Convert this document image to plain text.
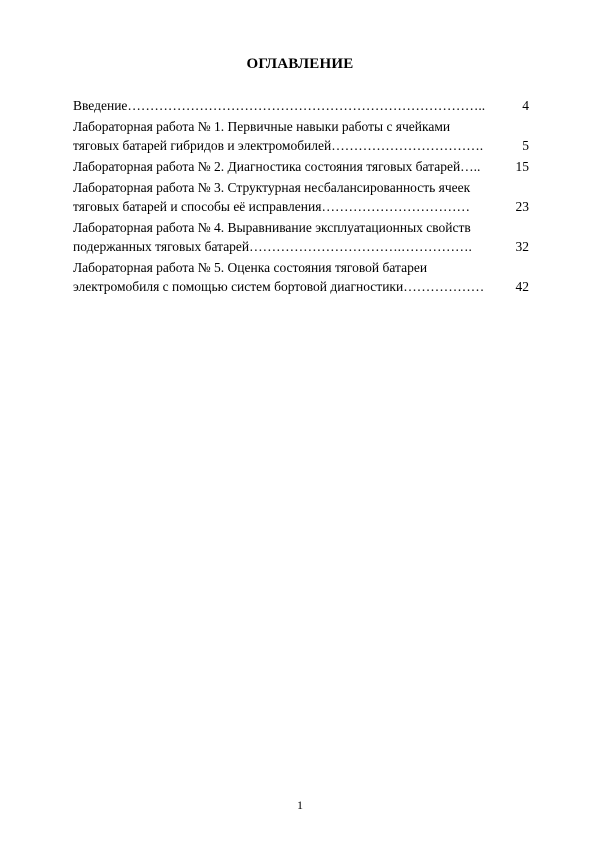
ОГЛАВЛЕНИЕ
Введение……………………………………………………………………..	4
Лабораторная работа № 1. Первичные навыки работы с ячейками
тяговых батарей гибридов и электромобилей…………………………….	5
Лабораторная работа № 2. Диагностика состояния тяговых батарей…..	15
Лабораторная работа № 3. Структурная несбалансированность ячеек
тяговых батарей и способы её исправления……………………………	23
Лабораторная работа № 4. Выравнивание эксплуатационных свойств
подержанных тяговых батарей…………………………….…………….	32
Лабораторная работа № 5. Оценка состояния тяговой батареи
электромобиля с помощью систем бортовой диагностики………………	42
1
